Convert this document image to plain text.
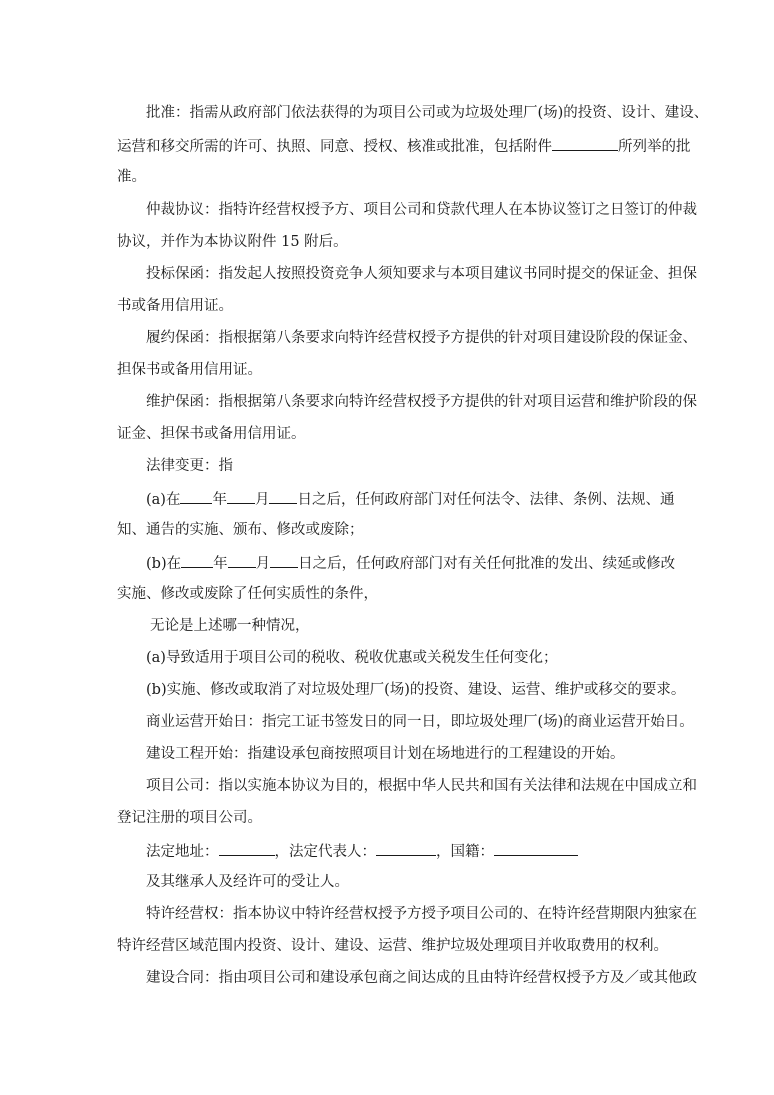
批准：指需从政府部门依法获得的为项目公司或为垃圾处理厂(场)的投资、设计、建设、
运营和移交所需的许可、执照、同意、授权、核准或批准，包括附件	所列举的批
准。
仲裁协议：指特许经营权授予方、项目公司和贷款代理人在本协议签订之日签订的仲裁
协议，并作为本协议附件 15 附后。
投标保函：指发起人按照投资竞争人须知要求与本项目建议书同时提交的保证金、担保
书或备用信用证。
履约保函：指根据第八条要求向特许经营权授予方提供的针对项目建设阶段的保证金、
担保书或备用信用证。
维护保函：指根据第八条要求向特许经营权授予方提供的针对项目运营和维护阶段的保
证金、担保书或备用信用证。
法律变更：指
(a)在 年 月 日之后，任何政府部门对任何法令、法律、条例、法规、通
知、通告的实施、颁布、修改或废除；
(b)在 年 月 日之后，任何政府部门对有关任何批准的发出、续延或修改
实施、修改或废除了任何实质性的条件，
无论是上述哪一种情况，
(a)导致适用于项目公司的税收、税收优惠或关税发生任何变化；
(b)实施、修改或取消了对垃圾处理厂(场)的投资、建设、运营、维护或移交的要求。
商业运营开始日：指完工证书签发日的同一日，即垃圾处理厂(场)的商业运营开始日。
建设工程开始：指建设承包商按照项目计划在场地进行的工程建设的开始。
项目公司：指以实施本协议为目的，根据中华人民共和国有关法律和法规在中国成立和
登记注册的项目公司。
法定地址：	，法定代表人：	，国籍：
及其继承人及经许可的受让人。
特许经营权：指本协议中特许经营权授予方授予项目公司的、在特许经营期限内独家在
特许经营区域范围内投资、设计、建设、运营、维护垃圾处理项目并收取费用的权利。
建设合同：指由项目公司和建设承包商之间达成的且由特许经营权授予方及／或其他政
